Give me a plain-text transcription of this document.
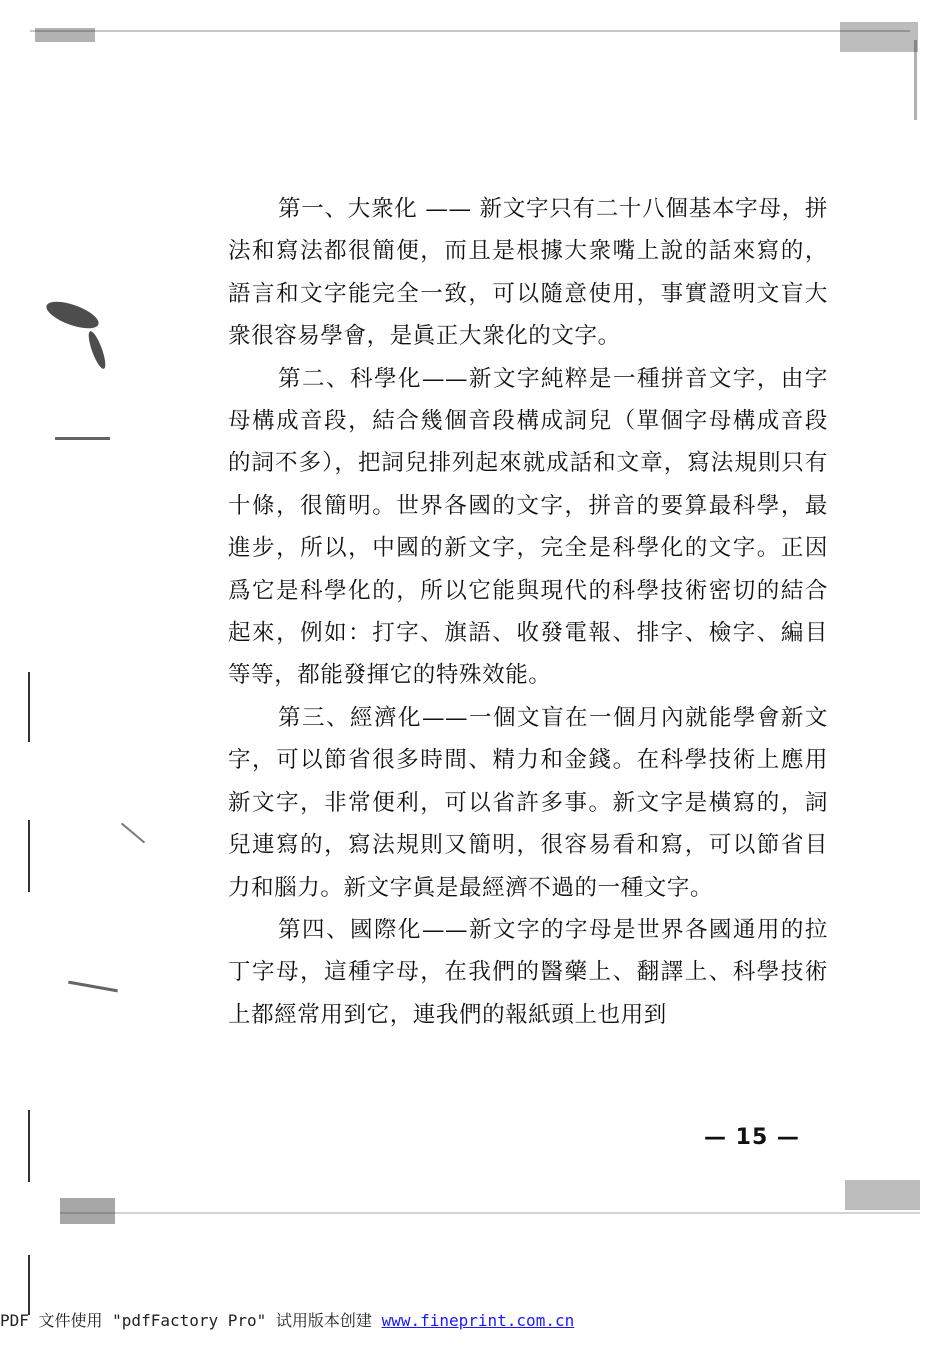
第一、大衆化 —— 新文字只有二十八個基本字母，拼法和寫法都很簡便，而且是根據大衆嘴上說的話來寫的，語言和文字能完全一致，可以隨意使用，事實證明文盲大衆很容易學會，是眞正大衆化的文字。

第二、科學化——新文字純粹是一種拼音文字，由字母構成音段，結合幾個音段構成詞兒（單個字母構成音段的詞不多），把詞兒排列起來就成話和文章，寫法規則只有十條，很簡明。世界各國的文字，拼音的要算最科學，最進步，所以，中國的新文字，完全是科學化的文字。正因爲它是科學化的，所以它能與現代的科學技術密切的結合起來，例如：打字、旗語、收發電報、排字、檢字、編目等等，都能發揮它的特殊效能。

第三、經濟化——一個文盲在一個月內就能學會新文字，可以節省很多時間、精力和金錢。在科學技術上應用新文字，非常便利，可以省許多事。新文字是橫寫的，詞兒連寫的，寫法規則又簡明，很容易看和寫，可以節省目力和腦力。新文字眞是最經濟不過的一種文字。

第四、國際化——新文字的字母是世界各國通用的拉丁字母，這種字母，在我們的醫藥上、翻譯上、科學技術上都經常用到它，連我們的報紙頭上也用到

— 15 —
PDF 文件使用 "pdfFactory Pro" 试用版本创建 www.fineprint.com.cn
